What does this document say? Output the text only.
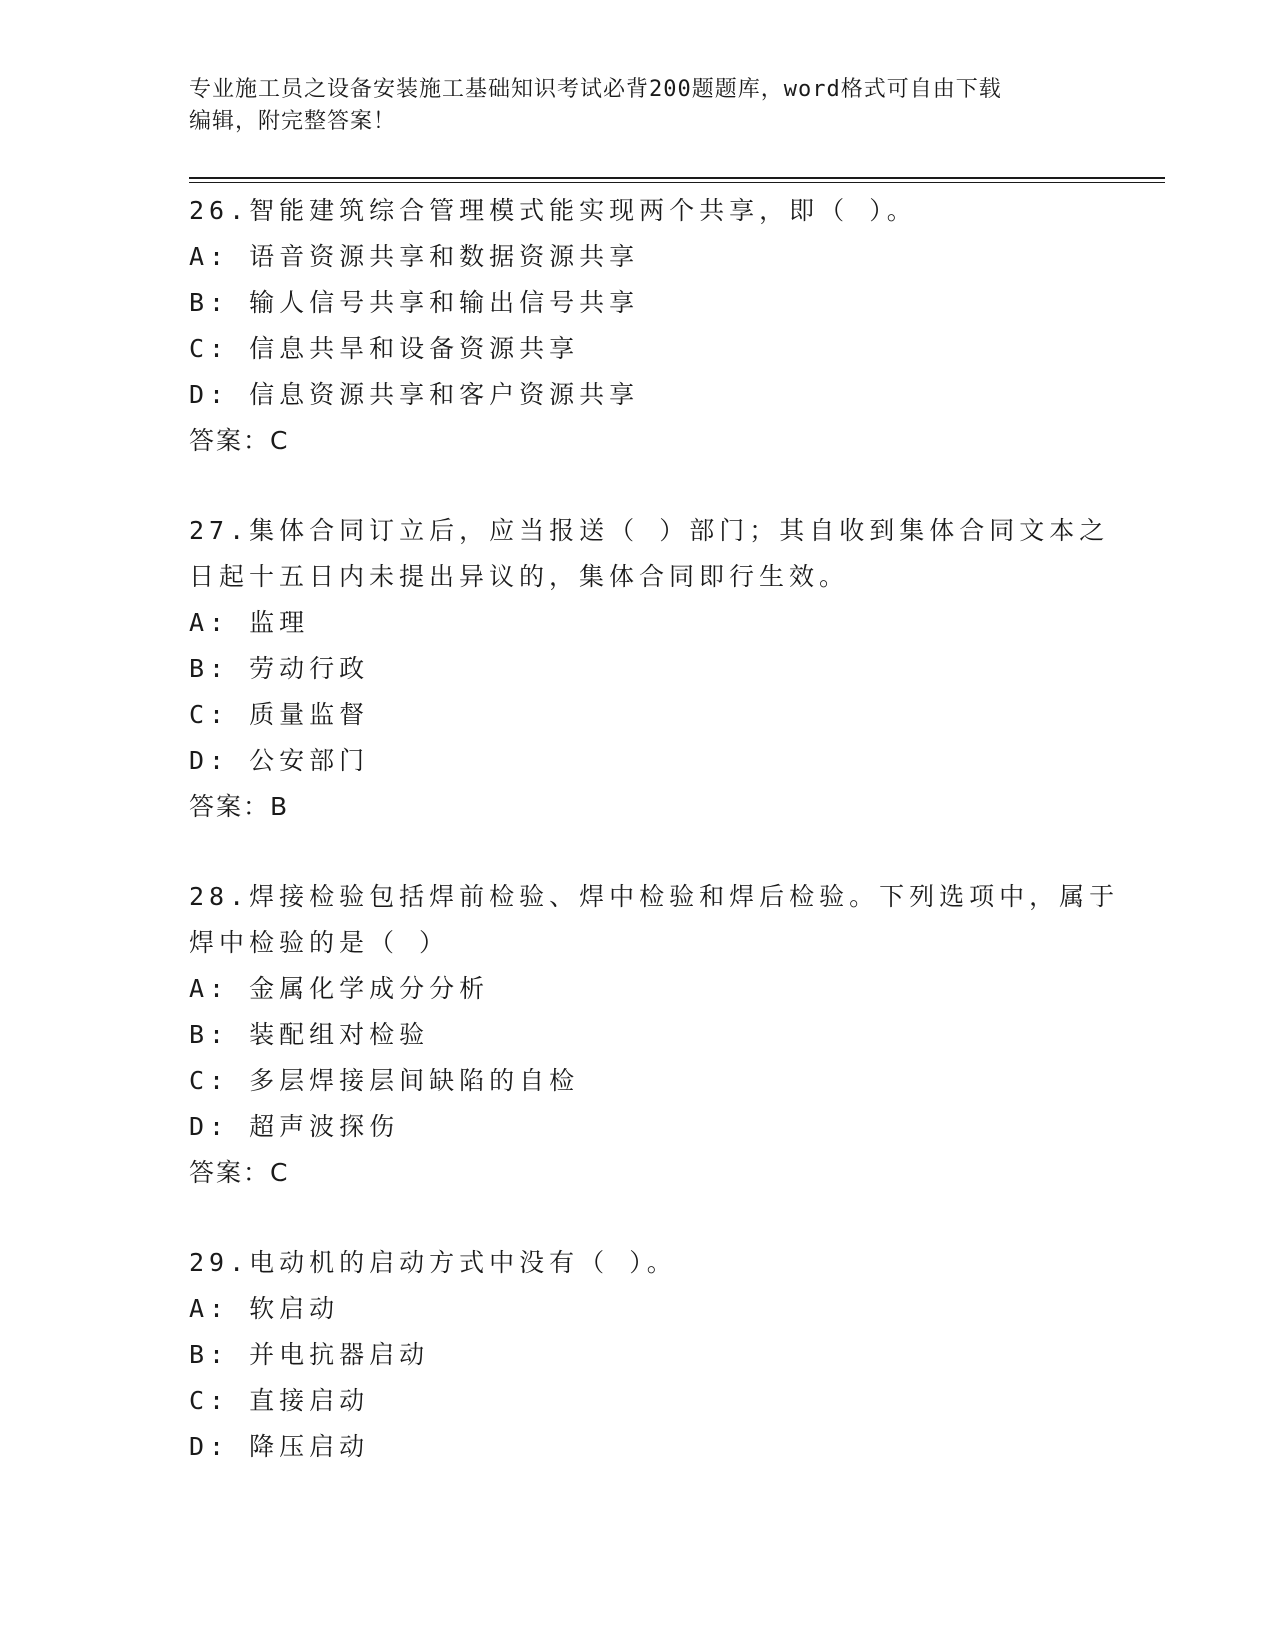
专业施工员之设备安装施工基础知识考试必背200题题库，word格式可自由下载
编辑，附完整答案！
26.智能建筑综合管理模式能实现两个共享，即（ ）。
A: 语音资源共享和数据资源共享
B: 输人信号共享和输出信号共享
C: 信息共旱和设备资源共享
D: 信息资源共享和客户资源共享
答案：C
27.集体合同订立后，应当报送（ ）部门；其自收到集体合同文本之
日起十五日内未提出异议的，集体合同即行生效。
A: 监理
B: 劳动行政
C: 质量监督
D: 公安部门
答案：B
28.焊接检验包括焊前检验、焊中检验和焊后检验。下列选项中，属于
焊中检验的是（ ）
A: 金属化学成分分析
B: 装配组对检验
C: 多层焊接层间缺陷的自检
D: 超声波探伤
答案：C
29.电动机的启动方式中没有（ ）。
A: 软启动
B: 并电抗器启动
C: 直接启动
D: 降压启动
